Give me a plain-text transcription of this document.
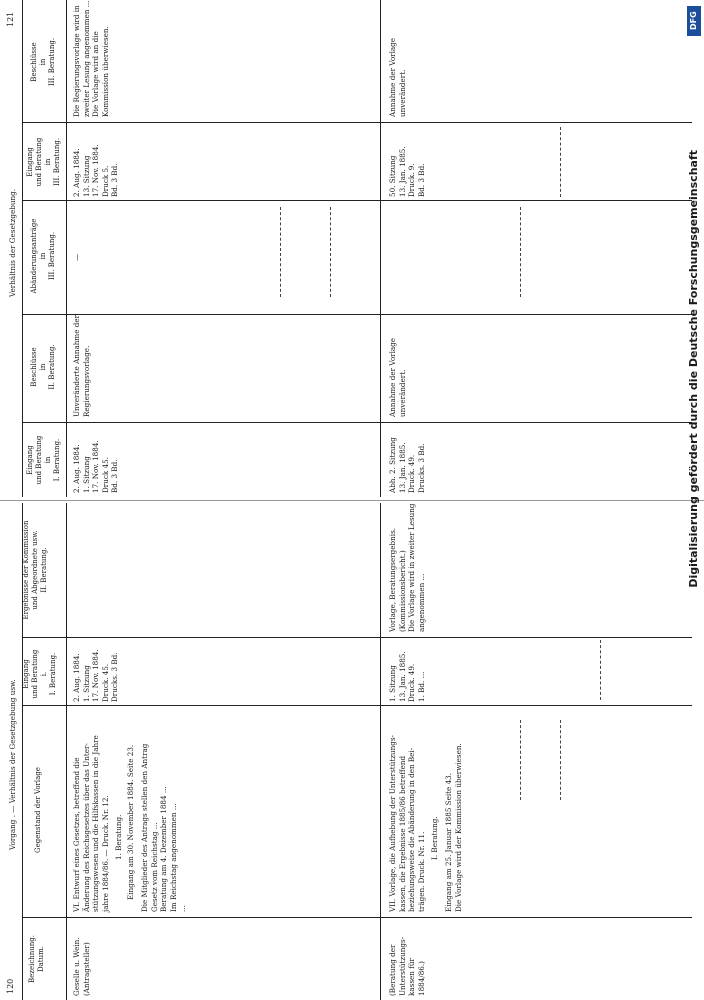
120
Vorgang . — Verhältnis der Gesetzgebung usw.
Bezeichnung.
Datum.
Gegenstand der Vorlage
Eingang
und Beratung
i.
I. Beratung.
Ergebnisse der Kommission
und Abgeordnete usw.
II. Beratung.
Geselle u. Wein.
(Antragsteller)
VI. Entwurf eines Gesetzes, betreffend die
Änderung des Reichsgesetzes über das Unter-
stützungswesen und die Hilfskassen in die Jahre
jahre 1884/86. — Druck. Nr. 12.
1. Beratung. Eingang am 30. November 1884. Seite 23.
Die Mitglieder des Antrags stellen den Antrag
Gesetz vom Reichstag ...
Beratung am 4. Dezember 1884 ...
Im Reichstag angenommen ...
...
2. Aug. 1884.
1. Sitzung
17. Nov. 1884.
Druck. 45.
Drucks. 3 Bd.
(Beratung der
Unterstützungs-
kassen für
1884/86.)
VII. Vorlage, die Aufhebung der Unterstützungs-
kassen, die Ergebnisse 1885/86 betreffend
beziehungsweise die Abänderung in den Bei-
trägen. Druck. Nr. 11. I. Beratung.
Eingang am 25. Januar 1885 Seite 43.
Die Vorlage wird der Kommission überwiesen.
1. Sitzung
13. Jan. 1885.
Druck. 49.
1. Bd. ...
Vorlage, Beratungsergebnis.
(Kommissionsbericht.)
Die Vorlage wird in zweiter Lesung
angenommen ...
Verhältnis der Gesetzgebung.
121
Eingang
und Beratung
in
I. Beratung.
Beschlüsse
in
II. Beratung.
Abänderungsanträge
in
III. Beratung.
Eingang
und Beratung
in
III. Beratung.
Beschlüsse
in
III. Beratung.
2. Aug. 1884.
1. Sitzung
17. Nov. 1884.
Druck 45.
Bd. 3 Bd.
Unveränderte Annahme der
Regierungsvorlage.
—
2. Aug. 1884.
13. Sitzung
17. Nov. 1884.
Druck 5.
Bd. 3 Bd.
Die Regierungsvorlage wird in
zweiter Lesung angenommen ...
Die Vorlage wird an die
Kommission überwiesen.
Abh. 2. Sitzung
13. Jan. 1885.
Druck. 49.
Drucks. 3 Bd.
Annahme der Vorlage
unverändert.
50. Sitzung
13. Jan. 1885.
Druck. 9.
Bd. 3 Bd.
Annahme der Vorlage
unverändert.
DFG
Digitalisierung gefördert durch die Deutsche Forschungsgemeinschaft
